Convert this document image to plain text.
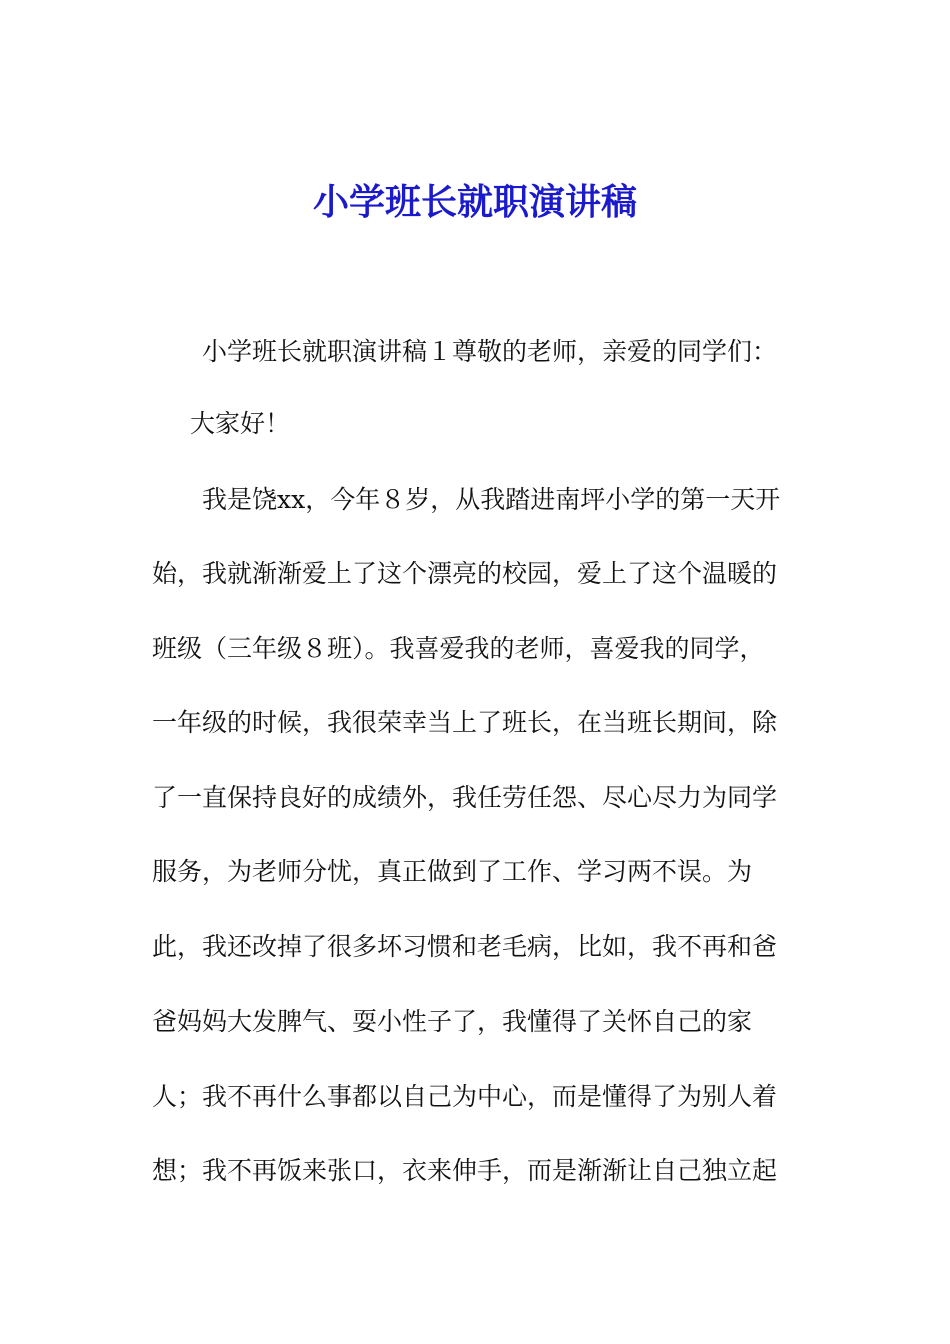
小学班长就职演讲稿
小学班长就职演讲稿１尊敬的老师，亲爱的同学们：
大家好！
我是饶xx，今年８岁，从我踏进南坪小学的第一天开
始，我就渐渐爱上了这个漂亮的校园，爱上了这个温暖的
班级（三年级８班）。我喜爱我的老师，喜爱我的同学，
一年级的时候，我很荣幸当上了班长，在当班长期间，除
了一直保持良好的成绩外，我任劳任怨、尽心尽力为同学
服务，为老师分忧，真正做到了工作、学习两不误。为
此，我还改掉了很多坏习惯和老毛病，比如，我不再和爸
爸妈妈大发脾气、耍小性子了，我懂得了关怀自己的家
人；我不再什么事都以自己为中心，而是懂得了为别人着
想；我不再饭来张口，衣来伸手，而是渐渐让自己独立起
